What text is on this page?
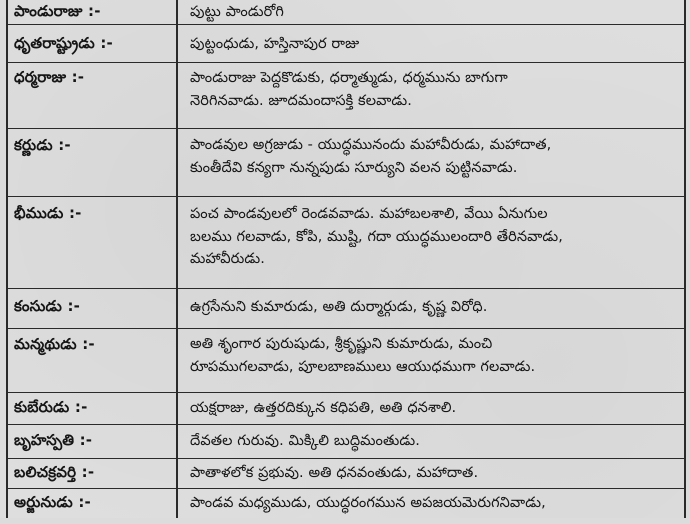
పాండురాజు :-	పుట్టు పాండురోగి
ధృతరాష్ట్రుడు :-	పుట్టంధుడు, హస్తినాపుర రాజు
ధర్మరాజు :-	పాండురాజు పెద్దకొడుకు, ధర్మాత్ముడు, ధర్మమును బాగుగా
నెరిగినవాడు. జూదమందాసక్తి కలవాడు.
కర్ణుడు :-	పాండవుల అగ్రజుడు - యుద్ధమునందు మహావీరుడు, మహాదాత,
కుంతీదేవి కన్యగా నున్నపుడు సూర్యుని వలన పుట్టినవాడు.
భీముడు :-	పంచ పాండవులలో రెండవవాడు. మహాబలశాలి, వేయి ఏనుగుల
బలము గలవాడు, కోపి, ముష్టి, గదా యుద్ధములందారి తేరినవాడు,
మహావీరుడు.
కంసుడు :-	ఉగ్రసేనుని కుమారుడు, అతి దుర్మార్గుడు, కృష్ణ విరోధి.
మన్మథుడు :-	అతి శృంగార పురుషుడు, శ్రీకృష్ణుని కుమారుడు, మంచి
రూపముగలవాడు, పూలబాణములు ఆయుధముగా గలవాడు.
కుబేరుడు :-	యక్షరాజు, ఉత్తరదిక్కున కధిపతి, అతి ధనశాలి.
బృహస్పతి :-	దేవతల గురువు. మిక్కిలి బుద్ధిమంతుడు.
బలిచక్రవర్తి :-	పాతాళలోక ప్రభువు. అతి ధనవంతుడు, మహాదాత.
అర్జునుడు :-	పాండవ మధ్యముడు, యుద్ధరంగమున అపజయమెరుగనివాడు,
